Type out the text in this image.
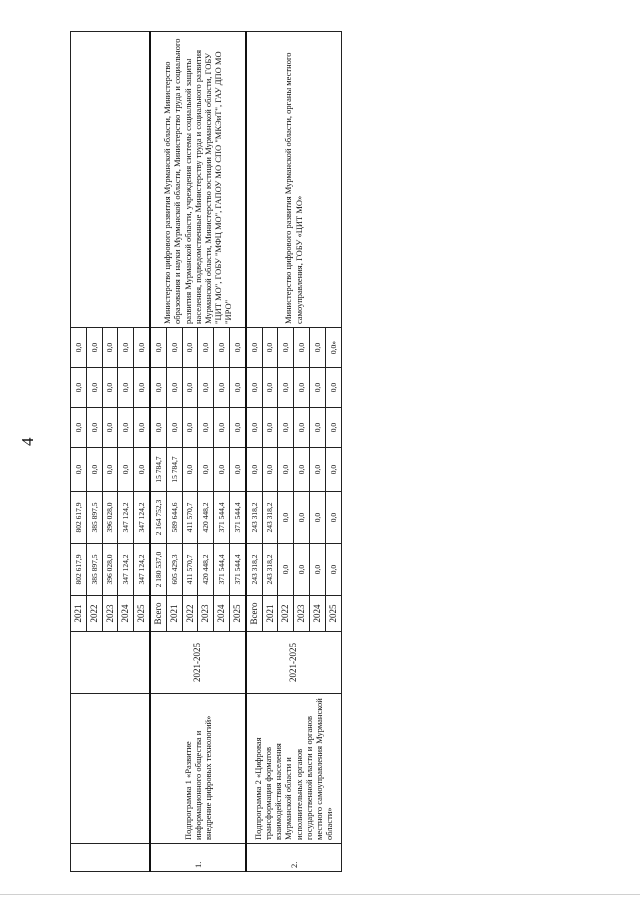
4
			2021	802 617,9	802 617,9	0,0	0,0	0,0	0,0	
			2022	385 897,5	385 897,5	0,0	0,0	0,0	0,0	
			2023	396 028,0	396 028,0	0,0	0,0	0,0	0,0	
			2024	347 124,2	347 124,2	0,0	0,0	0,0	0,0	
			2025	347 124,2	347 124,2	0,0	0,0	0,0	0,0	
1.	Подпрограмма 1 «Развитие информационного общества и внедрение цифровых технологий»	2021-2025	Всего	2 180 537,0	2 164 752,3	15 784,7	0,0	0,0	0,0	Министерство цифрового развития Мурманской области, Министерство образования и науки Мурманской области, Министерство труда и социального развития Мурманской области, учреждения системы социальной защиты населения, подведомственные Министерству труда и социального развития Мурманской области, Министерство юстиции Мурманской области, ГОБУ "ЦИТ МО", ГОБУ "МФЦ МО", ГАПОУ МО СПО "МКЭиТ", ГАУ ДПО МО "ИРО"
			2021	605 429,3	589 644,6	15 784,7	0,0	0,0	0,0	
			2022	411 570,7	411 570,7	0,0	0,0	0,0	0,0	
			2023	420 448,2	420 448,2	0,0	0,0	0,0	0,0	
			2024	371 544,4	371 544,4	0,0	0,0	0,0	0,0	
			2025	371 544,4	371 544,4	0,0	0,0	0,0	0,0	
2.	Подпрограмма 2 «Цифровая трансформация форматов взаимодействия населения Мурманской области и исполнительных органов государственной власти и органов местного самоуправления Мурманской области»	2021-2025	Всего	243 318,2	243 318,2	0,0	0,0	0,0	0,0	Министерство цифрового развития Мурманской области, органы местного самоуправления, ГОБУ «ЦИТ МО»
			2021	243 318,2	243 318,2	0,0	0,0	0,0	0,0	
			2022	0,0	0,0	0,0	0,0	0,0	0,0	
			2023	0,0	0,0	0,0	0,0	0,0	0,0	
			2024	0,0	0,0	0,0	0,0	0,0	0,0	
			2025	0,0	0,0	0,0	0,0	0,0	0,0»	
